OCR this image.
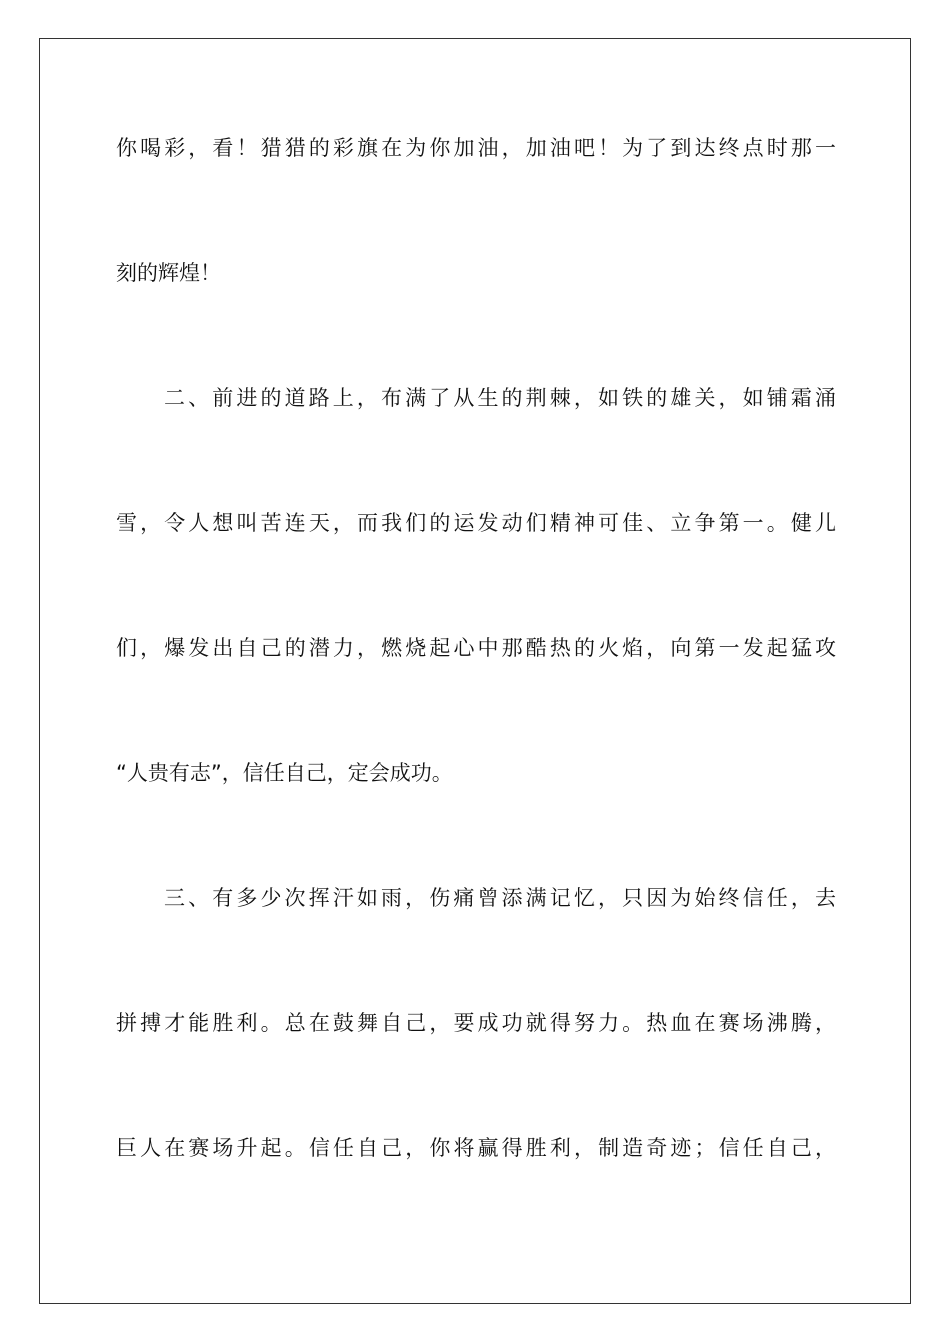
你喝彩，看！猎猎的彩旗在为你加油，加油吧！为了到达终点时那一
刻的辉煌！
二、前进的道路上，布满了从生的荆棘，如铁的雄关，如铺霜涌
雪，令人想叫苦连天，而我们的运发动们精神可佳、立争第一。健儿
们，爆发出自己的潜力，燃烧起心中那酷热的火焰，向第一发起猛攻
“人贵有志”，信任自己，定会成功。
三、有多少次挥汗如雨，伤痛曾添满记忆，只因为始终信任，去
拼搏才能胜利。总在鼓舞自己，要成功就得努力。热血在赛场沸腾，
巨人在赛场升起。信任自己，你将赢得胜利，制造奇迹；信任自己，
